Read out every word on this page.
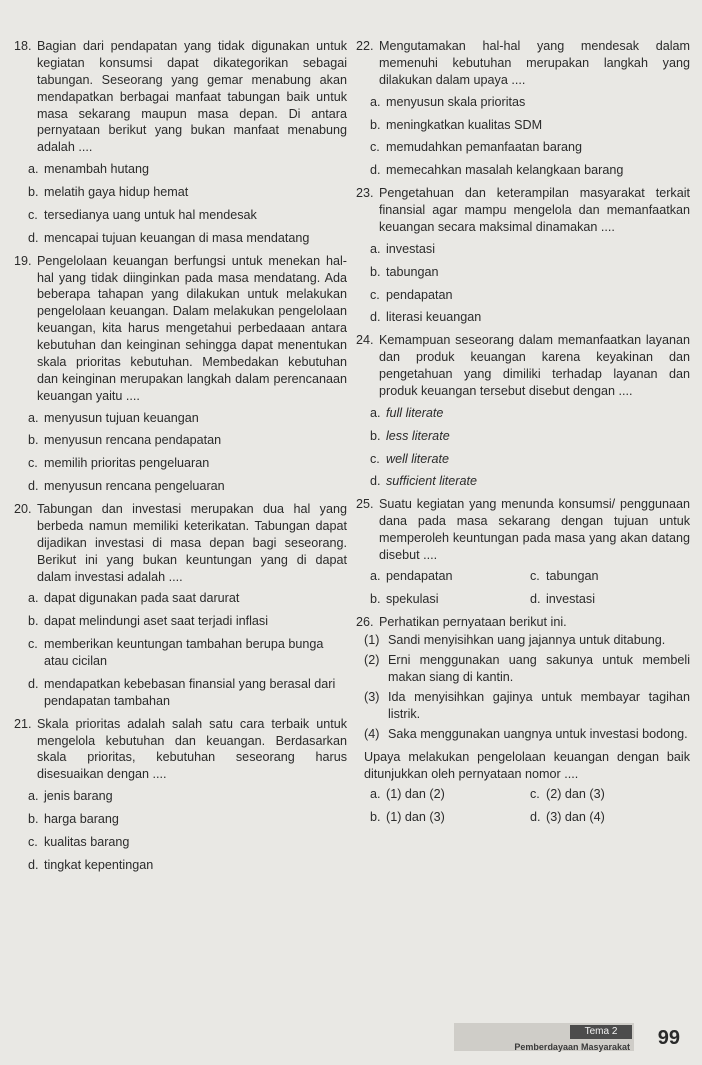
18. Bagian dari pendapatan yang tidak digunakan untuk kegiatan konsumsi dapat dikategorikan sebagai tabungan. Seseorang yang gemar menabung akan mendapatkan berbagai manfaat tabungan baik untuk masa sekarang maupun masa depan. Di antara pernyataan berikut yang bukan manfaat menabung adalah ....
a. menambah hutang
b. melatih gaya hidup hemat
c. tersedianya uang untuk hal mendesak
d. mencapai tujuan keuangan di masa mendatang
19. Pengelolaan keuangan berfungsi untuk menekan hal-hal yang tidak diinginkan pada masa mendatang. Ada beberapa tahapan yang dilakukan untuk melakukan pengelolaan keuangan. Dalam melakukan pengelolaan keuangan, kita harus mengetahui perbedaaan antara kebutuhan dan keinginan sehingga dapat menentukan skala prioritas kebutuhan. Membedakan kebutuhan dan keinginan merupakan langkah dalam perencanaan keuangan yaitu ....
a. menyusun tujuan keuangan
b. menyusun rencana pendapatan
c. memilih prioritas pengeluaran
d. menyusun rencana pengeluaran
20. Tabungan dan investasi merupakan dua hal yang berbeda namun memiliki keterikatan. Tabungan dapat dijadikan investasi di masa depan bagi seseorang. Berikut ini yang bukan keuntungan yang di dapat dalam investasi adalah ....
a. dapat digunakan pada saat darurat
b. dapat melindungi aset saat terjadi inflasi
c. memberikan keuntungan tambahan berupa bunga atau cicilan
d. mendapatkan kebebasan finansial yang berasal dari pendapatan tambahan
21. Skala prioritas adalah salah satu cara terbaik untuk mengelola kebutuhan dan keuangan. Berdasarkan skala prioritas, kebutuhan seseorang harus disesuaikan dengan ....
a. jenis barang
b. harga barang
c. kualitas barang
d. tingkat kepentingan
22. Mengutamakan hal-hal yang mendesak dalam memenuhi kebutuhan merupakan langkah yang dilakukan dalam upaya ....
a. menyusun skala prioritas
b. meningkatkan kualitas SDM
c. memudahkan pemanfaatan barang
d. memecahkan masalah kelangkaan barang
23. Pengetahuan dan keterampilan masyarakat terkait finansial agar mampu mengelola dan memanfaatkan keuangan secara maksimal dinamakan ....
a. investasi
b. tabungan
c. pendapatan
d. literasi keuangan
24. Kemampuan seseorang dalam memanfaatkan layanan dan produk keuangan karena keyakinan dan pengetahuan yang dimiliki terhadap layanan dan produk keuangan tersebut disebut dengan ....
a. full literate
b. less literate
c. well literate
d. sufficient literate
25. Suatu kegiatan yang menunda konsumsi/ penggunaan dana pada masa sekarang dengan tujuan untuk memperoleh keuntungan pada masa yang akan datang disebut ....
a. pendapatan	c. tabungan
b. spekulasi	d. investasi
26. Perhatikan pernyataan berikut ini.
(1) Sandi menyisihkan uang jajannya untuk ditabung.
(2) Erni menggunakan uang sakunya untuk membeli makan siang di kantin.
(3) Ida menyisihkan gajinya untuk membayar tagihan listrik.
(4) Saka menggunakan uangnya untuk investasi bodong.
Upaya melakukan pengelolaan keuangan dengan baik ditunjukkan oleh pernyataan nomor ....
a. (1) dan (2)	c. (2) dan (3)
b. (1) dan (3)	d. (3) dan (4)
Tema 2
Pemberdayaan Masyarakat 99
